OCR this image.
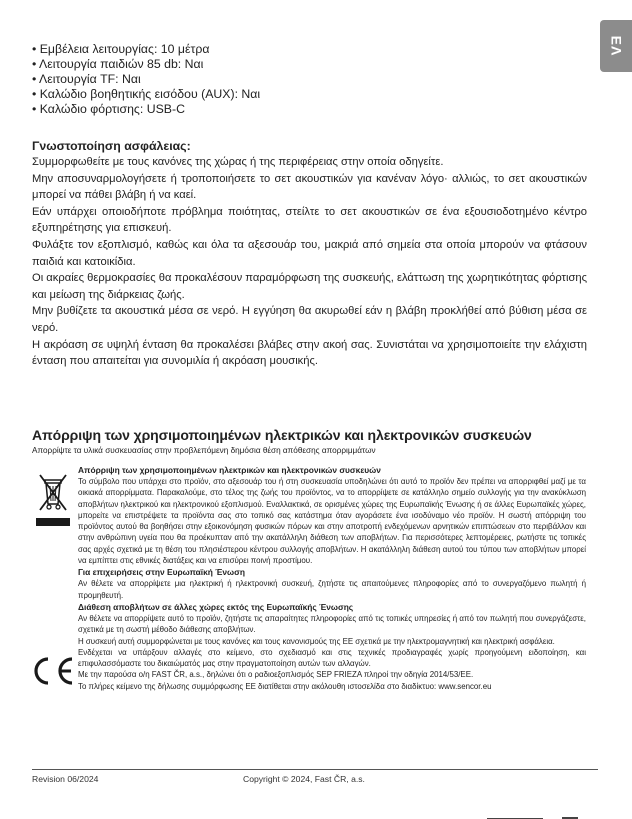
EΛ
• Εμβέλεια λειτουργίας: 10 μέτρα
• Λειτουργία παιδιών 85 db: Ναι
• Λειτουργία TF: Ναι
• Καλώδιο βοηθητικής εισόδου (AUX): Ναι
• Καλώδιο φόρτισης: USB-C
Γνωστοποίηση ασφάλειας:

Συμμορφωθείτε με τους κανόνες της χώρας ή της περιφέρειας στην οποία οδηγείτε.

Μην αποσυναρμολογήσετε ή τροποποιήσετε το σετ ακουστικών για κανέναν λόγο· αλλιώς, το σετ ακουστικών μπορεί να πάθει βλάβη ή να καεί.

Εάν υπάρχει οποιοδήποτε πρόβλημα ποιότητας, στείλτε το σετ ακουστικών σε ένα εξουσιοδοτημένο κέντρο εξυπηρέτησης για επισκευή.

Φυλάξτε τον εξοπλισμό, καθώς και όλα τα αξεσουάρ του, μακριά από σημεία στα οποία μπορούν να φτάσουν παιδιά και κατοικίδια.

Οι ακραίες θερμοκρασίες θα προκαλέσουν παραμόρφωση της συσκευής, ελάττωση της χωρητικότητας φόρτισης και μείωση της διάρκειας ζωής.

Μην βυθίζετε τα ακουστικά μέσα σε νερό. Η εγγύηση θα ακυρωθεί εάν η βλάβη προκλήθεί από βύθιση μέσα σε νερό.

Η ακρόαση σε υψηλή ένταση θα προκαλέσει βλάβες στην ακοή σας. Συνιστάται να χρησιμοποιείτε την ελάχιστη ένταση που απαιτείται για συνομιλία ή ακρόαση μουσικής.

Απόρριψη των χρησιμοποιημένων ηλεκτρικών και ηλεκτρονικών συσκευών
Απορρίψτε τα υλικά συσκευασίας στην προβλεπόμενη δημόσια θέση απόθεσης απορριμμάτων
Απόρριψη των χρησιμοποιημένων ηλεκτρικών και ηλεκτρονικών συσκευών

Το σύμβολο που υπάρχει στο προϊόν, στο αξεσουάρ του ή στη συσκευασία υποδηλώνει ότι αυτό το προϊόν δεν πρέπει να απορριφθεί μαζί με τα οικιακά απορρίμματα. Παρακαλούμε, στο τέλος της ζωής του προϊόντος, να το απορρίψετε σε κατάλληλο σημείο συλλογής για την ανακύκλωση αποβλήτων ηλεκτρικού και ηλεκτρονικού εξοπλισμού. Εναλλακτικά, σε ορισμένες χώρες της Ευρωπαϊκής Ένωσης ή σε άλλες Ευρωπαϊκές χώρες, μπορείτε να επιστρέψετε τα προϊόντα σας στο τοπικό σας κατάστημα όταν αγοράσετε ένα ισοδύναμο νέο προϊόν. Η σωστή απόρριψη του προϊόντος αυτού θα βοηθήσει στην εξοικονόμηση φυσικών πόρων και στην αποτροπή ενδεχόμενων αρνητικών επιπτώσεων στο περιβάλλον και στην ανθρώπινη υγεία που θα προέκυπταν από την ακατάλληλη διάθεση των αποβλήτων. Για περισσότερες λεπτομέρειες, ρωτήστε τις τοπικές σας αρχές σχετικά με τη θέση του πλησιέστερου κέντρου συλλογής αποβλήτων. Η ακατάλληλη διάθεση αυτού του τύπου των αποβλήτων μπορεί να εμπίπτει στις εθνικές διατάξεις και να επισύρει ποινή προστίμου.

Για επιχειρήσεις στην Ευρωπαϊκή Ένωση

Αν θέλετε να απορρίψετε μια ηλεκτρική ή ηλεκτρονική συσκευή, ζητήστε τις απαιτούμενες πληροφορίες από το συνεργαζόμενο πωλητή ή προμηθευτή.

Διάθεση αποβλήτων σε άλλες χώρες εκτός της Ευρωπαϊκής Ένωσης

Αν θέλετε να απορρίψετε αυτό το προϊόν, ζητήστε τις απαραίτητες πληροφορίες από τις τοπικές υπηρεσίες ή από τον πωλητή που συνεργάζεστε, σχετικά με τη σωστή μέθοδο διάθεσης αποβλήτων.

Η συσκευή αυτή συμμορφώνεται με τους κανόνες και τους κανονισμούς της ΕΕ σχετικά με την ηλεκτρομαγνητική και ηλεκτρική ασφάλεια.

Ενδέχεται να υπάρξουν αλλαγές στο κείμενο, στο σχεδιασμό και στις τεχνικές προδιαγραφές χωρίς προηγούμενη ειδοποίηση, και επιφυλασσόμαστε του δικαιώματός μας στην πραγματοποίηση αυτών των αλλαγών.

Με την παρούσα ο/η FAST ČR, a.s., δηλώνει ότι ο ραδιοεξοπλισμός SEP FRIEZA πληροί την οδηγία 2014/53/ΕΕ.

Το πλήρες κείμενο της δήλωσης συμμόρφωσης ΕΕ διατίθεται στην ακόλουθη ιστοσελίδα στο διαδίκτυο: www.sencor.eu

Revision 06/2024	Copyright © 2024, Fast ČR, a.s.
